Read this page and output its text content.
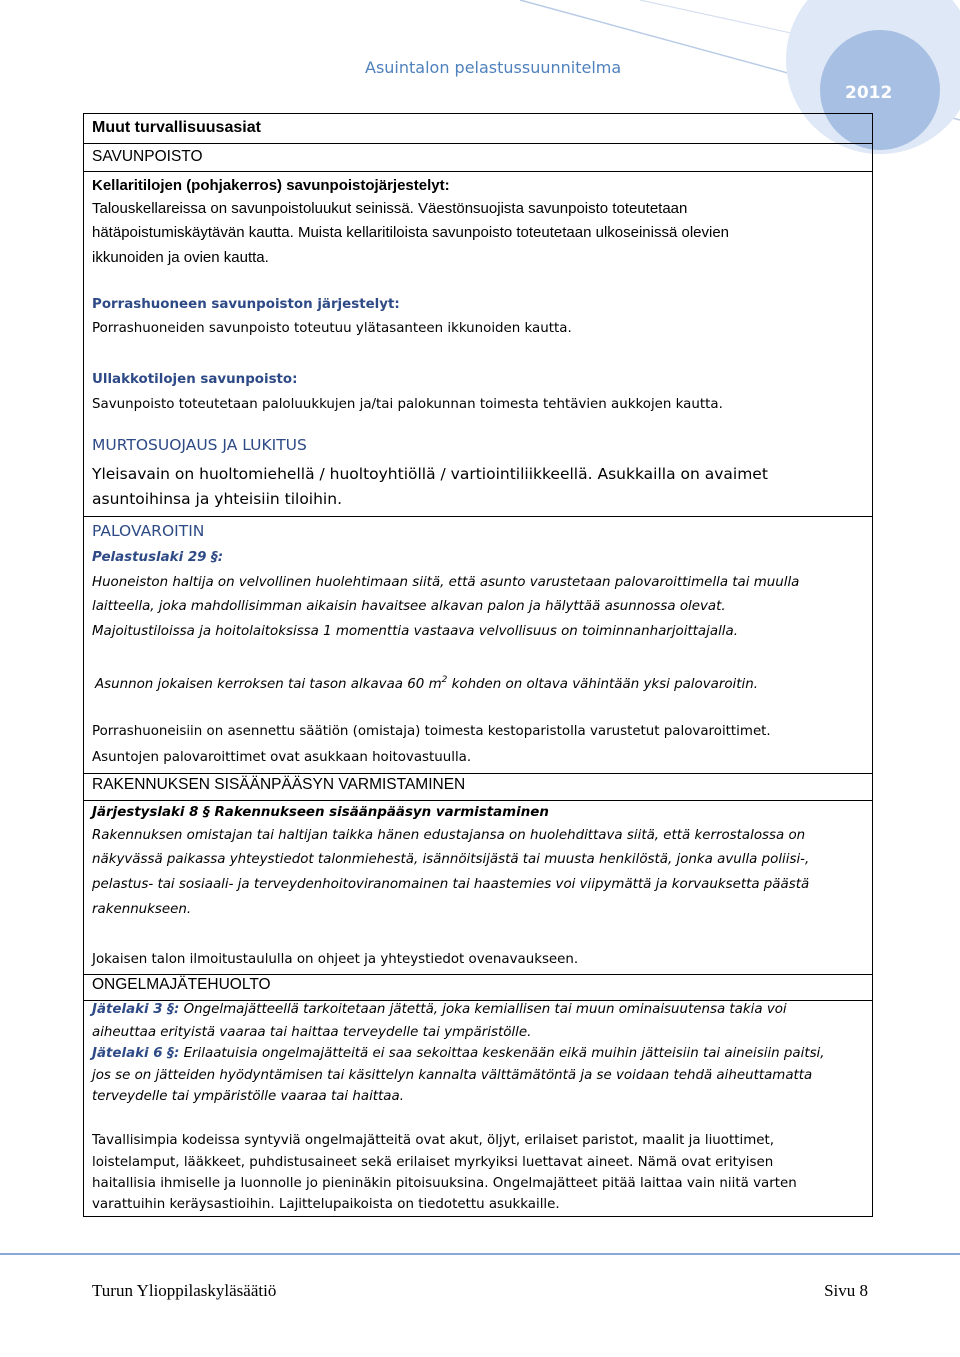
Asuintalon pelastussuunnitelma
2012
Muut turvallisuusasiat
SAVUNPOISTO
Kellaritilojen (pohjakerros) savunpoistojärjestelyt:
Talouskellareissa on savunpoistoluukut seinissä. Väestönsuojista savunpoisto toteutetaan
hätäpoistumiskäytävän kautta. Muista kellaritiloista savunpoisto toteutetaan ulkoseinissä olevien
ikkunoiden ja ovien kautta.
Porrashuoneen savunpoiston järjestelyt:
Porrashuoneiden savunpoisto toteutuu ylätasanteen ikkunoiden kautta.
Ullakkotilojen savunpoisto:
Savunpoisto toteutetaan paloluukkujen ja/tai palokunnan toimesta tehtävien aukkojen kautta.
MURTOSUOJAUS JA LUKITUS
Yleisavain on huoltomiehellä / huoltoyhtiöllä / vartiointiliikkeellä. Asukkailla on avaimet
asuntoihinsa ja yhteisiin tiloihin.
PALOVAROITIN
Pelastuslaki 29 §:
Huoneiston haltija on velvollinen huolehtimaan siitä, että asunto varustetaan palovaroittimella tai muulla
laitteella, joka mahdollisimman aikaisin havaitsee alkavan palon ja hälyttää asunnossa olevat.
Majoitustiloissa ja hoitolaitoksissa 1 momenttia vastaava velvollisuus on toiminnanharjoittajalla.
Asunnon jokaisen kerroksen tai tason alkavaa 60 $m^2$ kohden on oltava vähintään yksi palovaroitin.
Porrashuoneisiin on asennettu säätiön (omistaja) toimesta kestoparistolla varustetut palovaroittimet.
Asuntojen palovaroittimet ovat asukkaan hoitovastuulla.
RAKENNUKSEN SISÄÄNPÄÄSYN VARMISTAMINEN
Järjestyslaki 8 § Rakennukseen sisäänpääsyn varmistaminen
Rakennuksen omistajan tai haltijan taikka hänen edustajansa on huolehdittava siitä, että kerrostalossa on
näkyvässä paikassa yhteystiedot talonmiehestä, isännöitsijästä tai muusta henkilöstä, jonka avulla poliisi-,
pelastus- tai sosiaali- ja terveydenhoitoviranomainen tai haastemies voi viipymättä ja korvauksetta päästä
rakennukseen.
Jokaisen talon ilmoitustaululla on ohjeet ja yhteystiedot ovenavaukseen.
ONGELMAJÄTEHUOLTO
Jätelaki 3 §: Ongelmajätteellä tarkoitetaan jätettä, joka kemiallisen tai muun ominaisuutensa takia voi
aiheuttaa erityistä vaaraa tai haittaa terveydelle tai ympäristölle.
Jätelaki 6 §: Erilaatuisia ongelmajätteitä ei saa sekoittaa keskenään eikä muihin jätteisiin tai aineisiin paitsi,
jos se on jätteiden hyödyntämisen tai käsittelyn kannalta välttämätöntä ja se voidaan tehdä aiheuttamatta
terveydelle tai ympäristölle vaaraa tai haittaa.
Tavallisimpia kodeissa syntyviä ongelmajätteitä ovat akut, öljyt, erilaiset paristot, maalit ja liuottimet,
loistelamput, lääkkeet, puhdistusaineet sekä erilaiset myrkyiksi luettavat aineet. Nämä ovat erityisen
haitallisia ihmiselle ja luonnolle jo pieninäkin pitoisuuksina. Ongelmajätteet pitää laittaa vain niitä varten
varattuihin keräysastioihin. Lajittelupaikoista on tiedotettu asukkaille.
Turun Ylioppilaskyläsäätiö	Sivu 8
